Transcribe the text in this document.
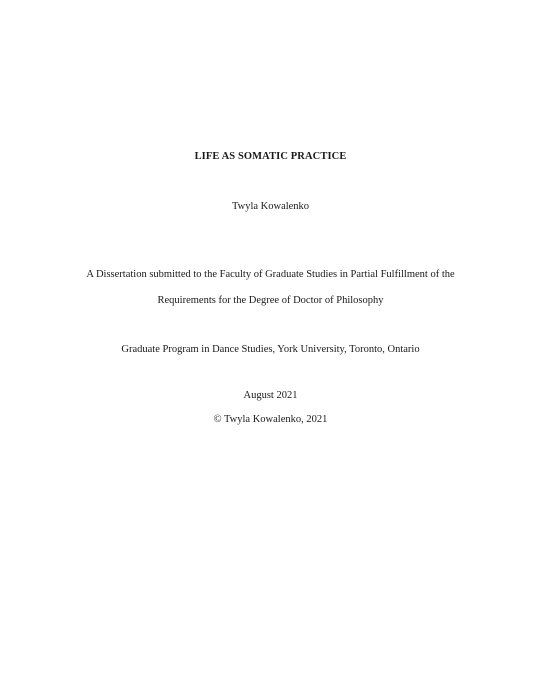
LIFE AS SOMATIC PRACTICE
Twyla Kowalenko
A Dissertation submitted to the Faculty of Graduate Studies in Partial Fulfillment of the
Requirements for the Degree of Doctor of Philosophy
Graduate Program in Dance Studies, York University, Toronto, Ontario
August 2021
© Twyla Kowalenko, 2021
